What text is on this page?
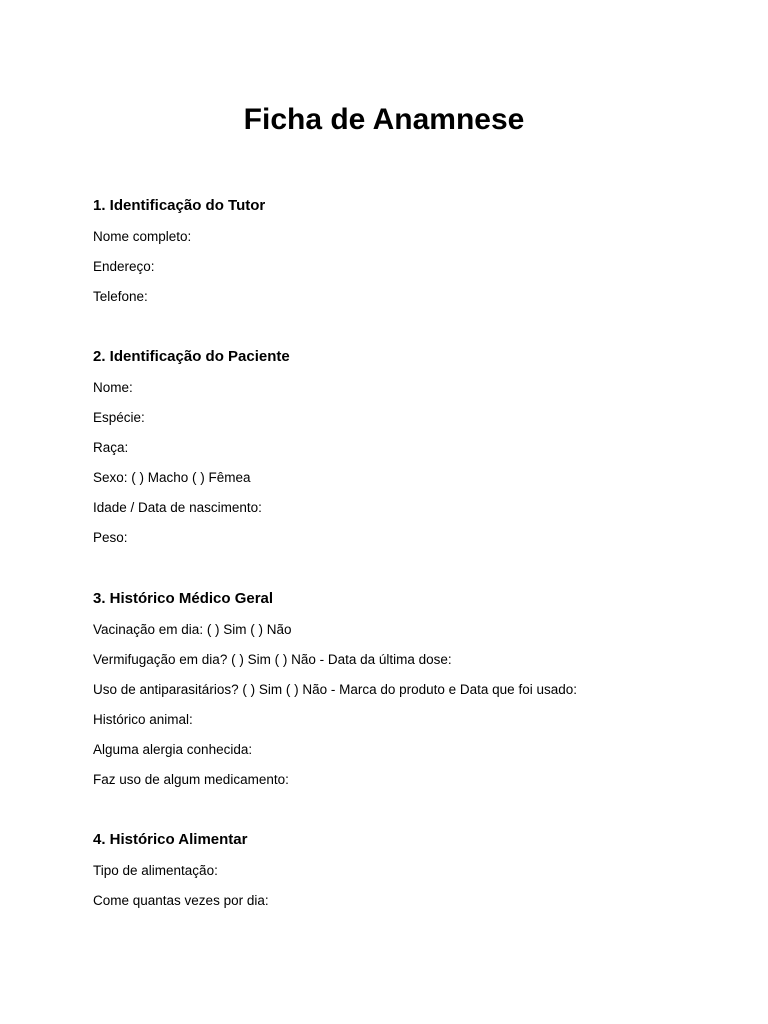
Ficha de Anamnese

1. Identificação do Tutor

Nome completo:

Endereço:

Telefone:

2. Identificação do Paciente

Nome:

Espécie:

Raça:

Sexo: ( ) Macho ( ) Fêmea

Idade / Data de nascimento:

Peso:

3. Histórico Médico Geral

Vacinação em dia: ( ) Sim ( ) Não

Vermifugação em dia? ( ) Sim ( ) Não - Data da última dose:

Uso de antiparasitários? ( ) Sim ( ) Não - Marca do produto e Data que foi usado:

Histórico animal:

Alguma alergia conhecida:

Faz uso de algum medicamento:

4. Histórico Alimentar

Tipo de alimentação:

Come quantas vezes por dia:
